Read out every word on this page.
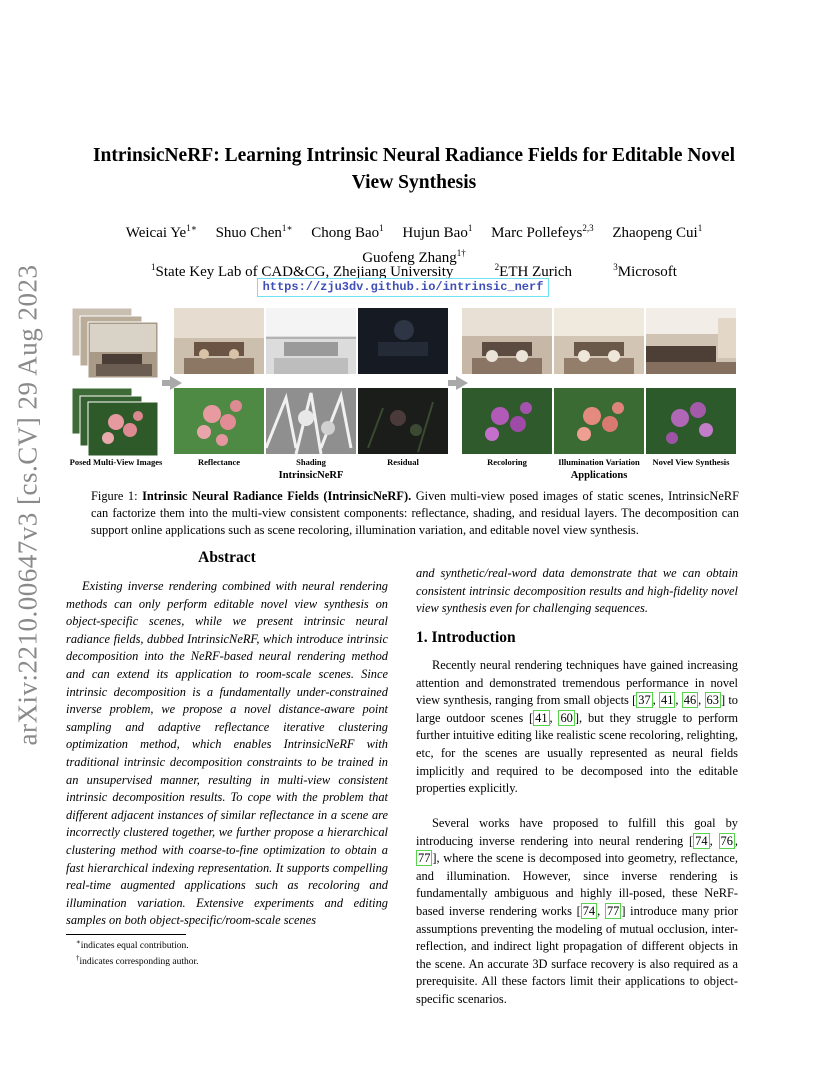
arXiv:2210.00647v3 [cs.CV] 29 Aug 2023
IntrinsicNeRF: Learning Intrinsic Neural Radiance Fields for Editable Novel
View Synthesis
Weicai $Ye^{1∗}$ Shuo Chen$^{1∗}$ Chong Bao$^1$ Hujun Bao$^1$ Marc Pollefeys$^{2,3}$ Zhaopeng Cui$^1$
Guofeng Zhang$^{1\dagger}$
$^1$State Key Lab of CAD&CG, Zhejiang University	$^2$ETH Zurich	$^3$Microsoft
https://zju3dv.github.io/intrinsic_nerf
Posed Multi-View Images	Reflectance	Shading	Residual	Recoloring	Illumination Variation	Novel View Synthesis
IntrinsicNeRF	Applications
Figure 1: Intrinsic Neural Radiance Fields (IntrinsicNeRF). Given multi-view posed images of static scenes, IntrinsicNeRF can factorize them into the multi-view consistent components: reflectance, shading, and residual layers. The decomposition can support online applications such as scene recoloring, illumination variation, and editable novel view synthesis.
Abstract
Existing inverse rendering combined with neural rendering methods can only perform editable novel view synthesis on object-specific scenes, while we present intrinsic neural radiance fields, dubbed IntrinsicNeRF, which introduce intrinsic decomposition into the NeRF-based neural rendering method and can extend its application to room-scale scenes. Since intrinsic decomposition is a fundamentally under-constrained inverse problem, we propose a novel distance-aware point sampling and adaptive reflectance iterative clustering optimization method, which enables IntrinsicNeRF with traditional intrinsic decomposition constraints to be trained in an unsupervised manner, resulting in multi-view consistent intrinsic decomposition results. To cope with the problem that different adjacent instances of similar reflectance in a scene are incorrectly clustered together, we further propose a hierarchical clustering method with coarse-to-fine optimization to obtain a fast hierarchical indexing representation. It supports compelling real-time augmented applications such as recoloring and illumination variation. Extensive experiments and editing samples on both object-specific/room-scale scenes
and synthetic/real-word data demonstrate that we can obtain consistent intrinsic decomposition results and high-fidelity novel view synthesis even for challenging sequences.
1. Introduction
Recently neural rendering techniques have gained increasing attention and demonstrated tremendous performance in novel view synthesis, ranging from small objects [ 37 , 41 , 46 , 63 ] to large outdoor scenes [ 41 , 60 ], but they struggle to perform further intuitive editing like realistic scene recoloring, relighting, etc, for the scenes are usually represented as neural fields implicitly and required to be decomposed into the editable properties explicitly.
Several works have proposed to fulfill this goal by introducing inverse rendering into neural rendering [ 74 , 76 , 77 ], where the scene is decomposed into geometry, reflectance, and illumination. However, since inverse rendering is fundamentally ambiguous and highly ill-posed, these NeRF-based inverse rendering works [ 74 , 77 ] introduce many prior assumptions preventing the modeling of mutual occlusion, inter-reflection, and indirect light propagation of different objects in the scene. An accurate 3D surface recovery is also required as a prerequisite. All these factors limit their applications to object-specific scenarios.
∗indicates equal contribution.
†indicates corresponding author.
